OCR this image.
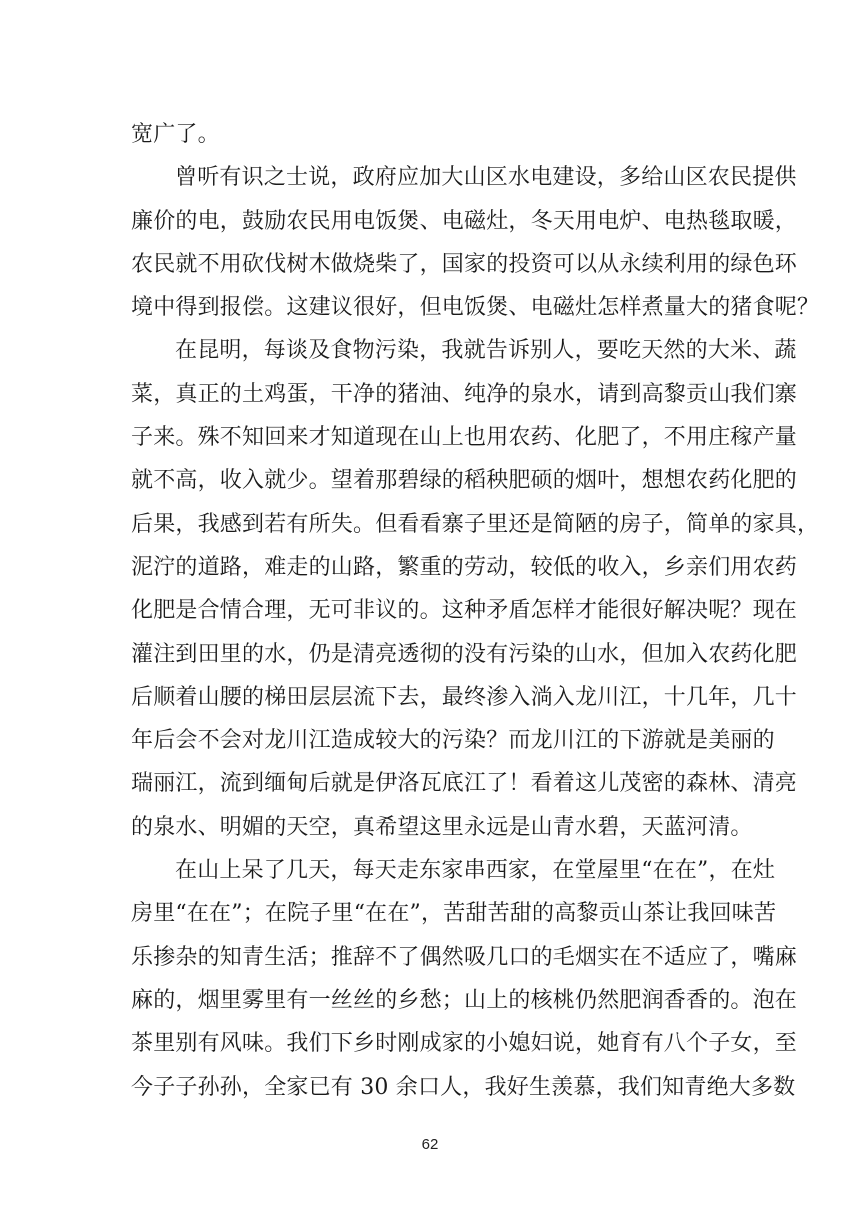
宽广了。
曾听有识之士说，政府应加大山区水电建设，多给山区农民提供
廉价的电，鼓励农民用电饭煲、电磁灶，冬天用电炉、电热毯取暖，
农民就不用砍伐树木做烧柴了，国家的投资可以从永续利用的绿色环
境中得到报偿。这建议很好，但电饭煲、电磁灶怎样煮量大的猪食呢？
在昆明，每谈及食物污染，我就告诉别人，要吃天然的大米、蔬
菜，真正的土鸡蛋，干净的猪油、纯净的泉水，请到高黎贡山我们寨
子来。殊不知回来才知道现在山上也用农药、化肥了，不用庄稼产量
就不高，收入就少。望着那碧绿的稻秧肥硕的烟叶，想想农药化肥的
后果，我感到若有所失。但看看寨子里还是简陋的房子，简单的家具，
泥泞的道路，难走的山路，繁重的劳动，较低的收入，乡亲们用农药
化肥是合情合理，无可非议的。这种矛盾怎样才能很好解决呢？现在
灌注到田里的水，仍是清亮透彻的没有污染的山水，但加入农药化肥
后顺着山腰的梯田层层流下去，最终渗入淌入龙川江，十几年，几十
年后会不会对龙川江造成较大的污染？而龙川江的下游就是美丽的
瑞丽江，流到缅甸后就是伊洛瓦底江了！看着这儿茂密的森林、清亮
的泉水、明媚的天空，真希望这里永远是山青水碧，天蓝河清。
在山上呆了几天，每天走东家串西家，在堂屋里“在在”，在灶
房里“在在”；在院子里“在在”，苦甜苦甜的高黎贡山茶让我回味苦
乐掺杂的知青生活；推辞不了偶然吸几口的毛烟实在不适应了，嘴麻
麻的，烟里雾里有一丝丝的乡愁；山上的核桃仍然肥润香香的。泡在
茶里别有风味。我们下乡时刚成家的小媳妇说，她育有八个子女，至
今子子孙孙，全家已有 30 余口人，我好生羡慕，我们知青绝大多数
62
